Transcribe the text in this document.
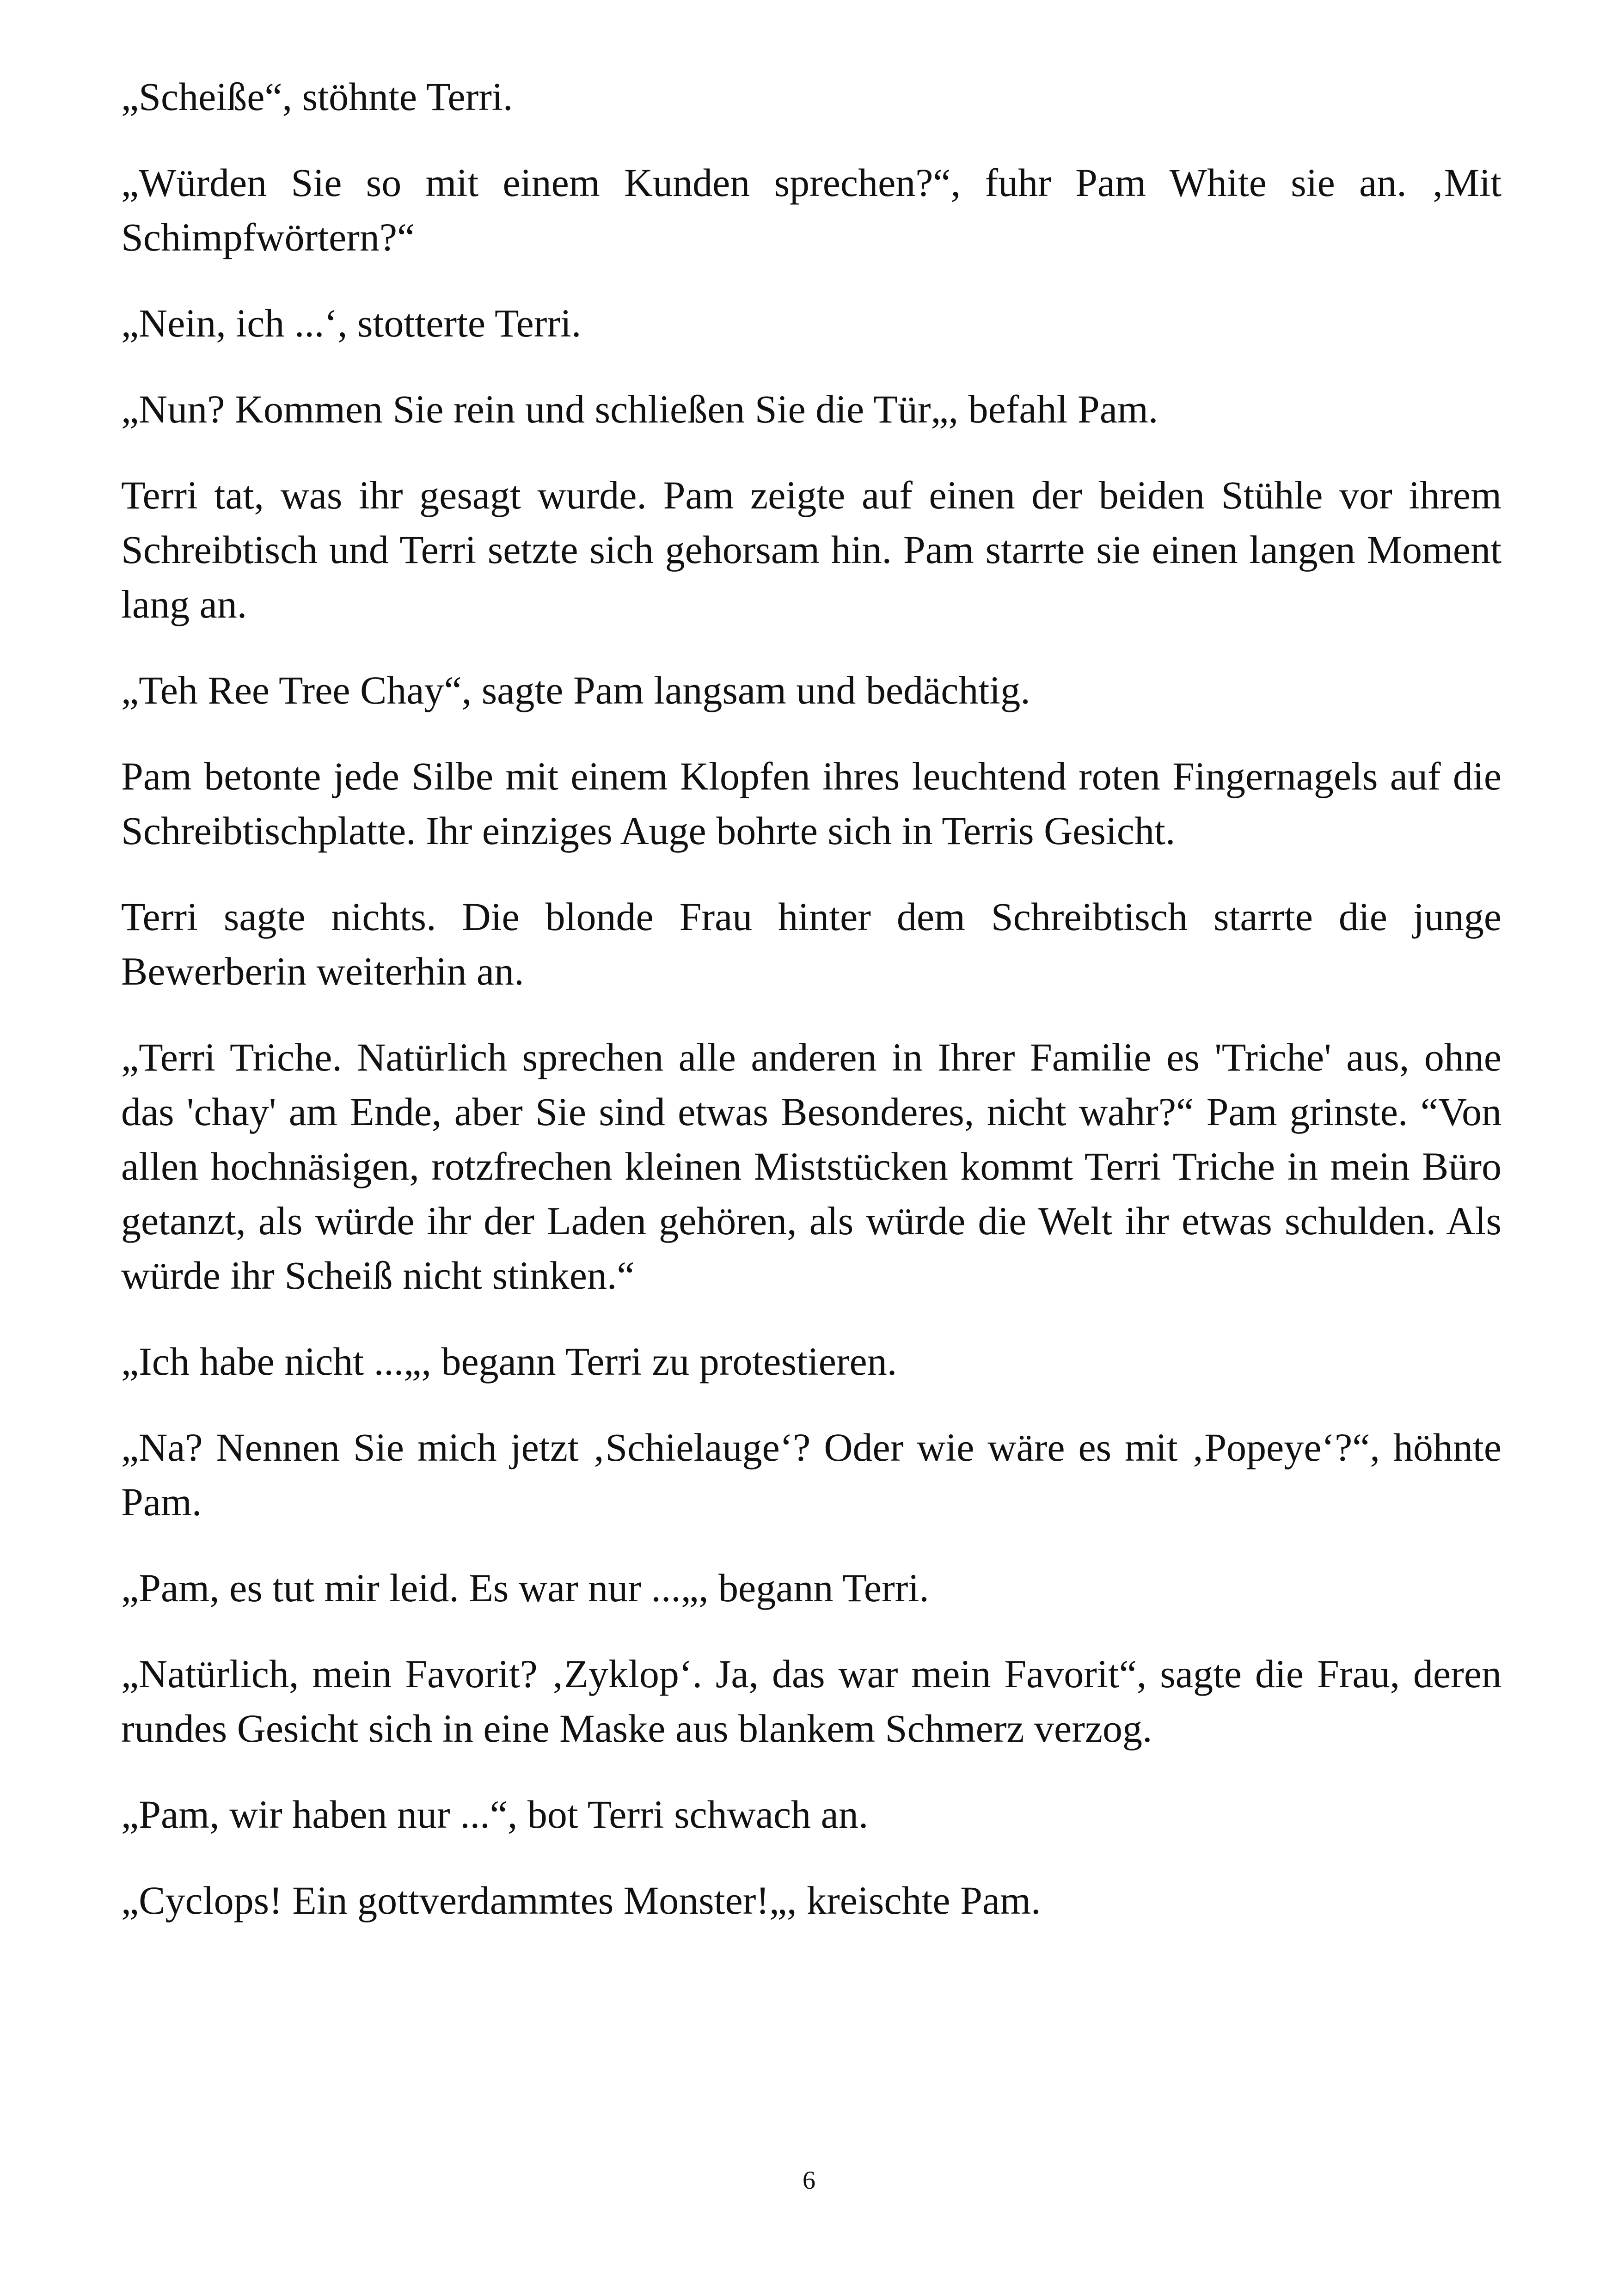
„Scheiße“, stöhnte Terri.

„Würden Sie so mit einem Kunden sprechen?“, fuhr Pam White sie an. ‚Mit Schimpfwörtern?“

„Nein, ich ...‘, stotterte Terri.

„Nun? Kommen Sie rein und schließen Sie die Tür„, befahl Pam.

Terri tat, was ihr gesagt wurde. Pam zeigte auf einen der beiden Stühle vor ihrem Schreibtisch und Terri setzte sich gehorsam hin. Pam starrte sie einen langen Moment lang an.

„Teh Ree Tree Chay“, sagte Pam langsam und bedächtig.

Pam betonte jede Silbe mit einem Klopfen ihres leuchtend roten Fingernagels auf die Schreibtischplatte. Ihr einziges Auge bohrte sich in Terris Gesicht.

Terri sagte nichts. Die blonde Frau hinter dem Schreibtisch starrte die junge Bewerberin weiterhin an.

„Terri Triche. Natürlich sprechen alle anderen in Ihrer Familie es 'Triche' aus, ohne das 'chay' am Ende, aber Sie sind etwas Besonderes, nicht wahr?“ Pam grinste. “Von allen hochnäsigen, rotzfrechen kleinen Miststücken kommt Terri Triche in mein Büro getanzt, als würde ihr der Laden gehören, als würde die Welt ihr etwas schulden. Als würde ihr Scheiß nicht stinken.“

„Ich habe nicht ...„, begann Terri zu protestieren.

„Na? Nennen Sie mich jetzt ‚Schielauge‘? Oder wie wäre es mit ‚Popeye‘?“, höhnte Pam.

„Pam, es tut mir leid. Es war nur ...„, begann Terri.

„Natürlich, mein Favorit? ‚Zyklop‘. Ja, das war mein Favorit“, sagte die Frau, deren rundes Gesicht sich in eine Maske aus blankem Schmerz verzog.

„Pam, wir haben nur ...“, bot Terri schwach an.

„Cyclops! Ein gottverdammtes Monster!„, kreischte Pam.

6
